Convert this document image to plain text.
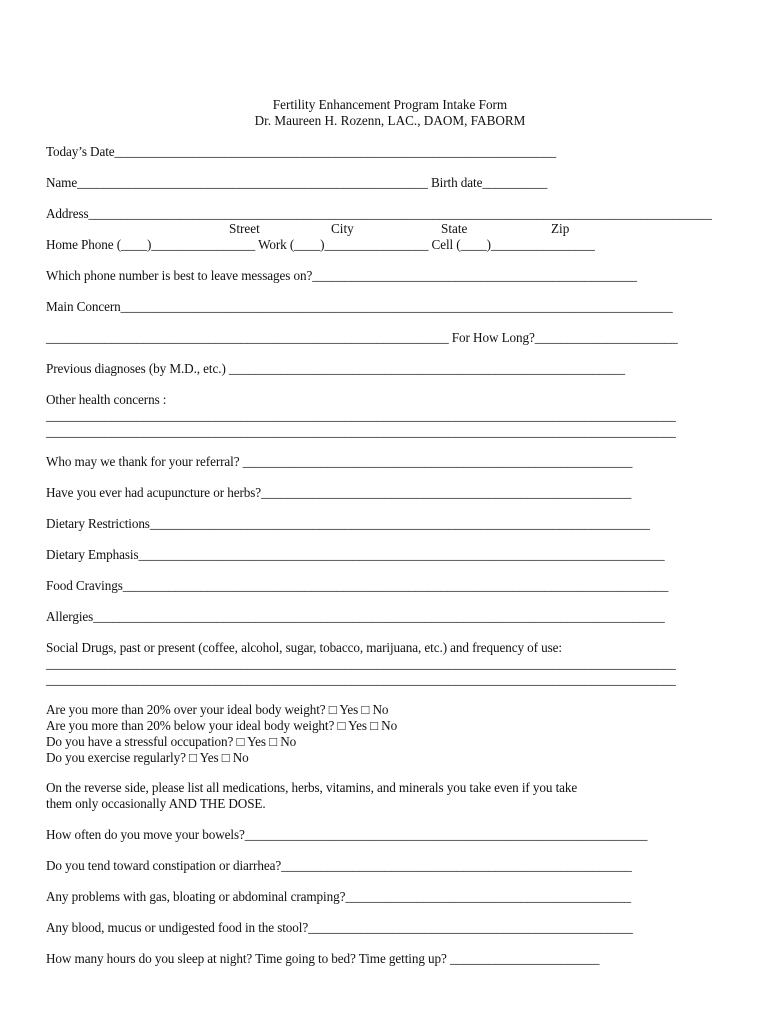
Fertility Enhancement Program Intake Form
Dr. Maureen H. Rozenn, LAC., DAOM, FABORM
Today’s Date____________________________________________________________________
Name______________________________________________________ Birth date__________
Address________________________________________________________________________________________________
Street	City	State	Zip
Home Phone (____)________________ Work (____)________________ Cell (____)________________
Which phone number is best to leave messages on?__________________________________________________
Main Concern_____________________________________________________________________________________
______________________________________________________________ For How Long?______________________
Previous diagnoses (by M.D., etc.) _____________________________________________________________
Other health concerns :
_________________________________________________________________________________________________
_________________________________________________________________________________________________
Who may we thank for your referral? ____________________________________________________________
Have you ever had acupuncture or herbs?_________________________________________________________
Dietary Restrictions_____________________________________________________________________________
Dietary Emphasis_________________________________________________________________________________
Food Cravings____________________________________________________________________________________
Allergies________________________________________________________________________________________
Social Drugs, past or present (coffee, alcohol, sugar, tobacco, marijuana, etc.) and frequency of use:
_________________________________________________________________________________________________
_________________________________________________________________________________________________
Are you more than 20% over your ideal body weight? □ Yes □ No
Are you more than 20% below your ideal body weight? □ Yes □ No
Do you have a stressful occupation? □ Yes □ No
Do you exercise regularly? □ Yes □ No
On the reverse side, please list all medications, herbs, vitamins, and minerals you take even if you take
them only occasionally AND THE DOSE.
How often do you move your bowels?______________________________________________________________
Do you tend toward constipation or diarrhea?______________________________________________________
Any problems with gas, bloating or abdominal cramping?____________________________________________
Any blood, mucus or undigested food in the stool?__________________________________________________
How many hours do you sleep at night? Time going to bed? Time getting up? _______________________
